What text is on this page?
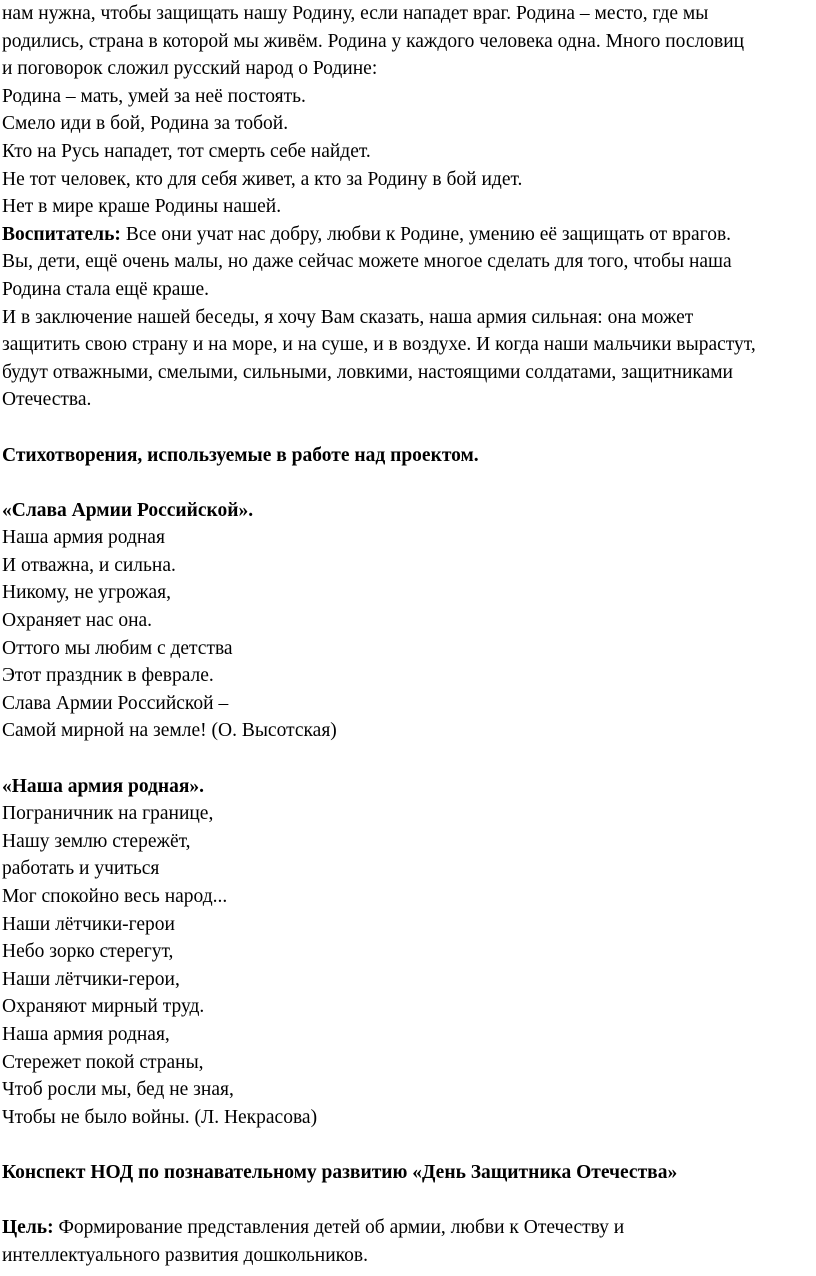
нам нужна, чтобы защищать нашу Родину, если нападет враг. Родина – место, где мы
родились, страна в которой мы живём. Родина у каждого человека одна. Много пословиц
и поговорок сложил русский народ о Родине:
Родина – мать, умей за неё постоять.
Смело иди в бой, Родина за тобой.
Кто на Русь нападет, тот смерть себе найдет.
Не тот человек, кто для себя живет, а кто за Родину в бой идет.
Нет в мире краше Родины нашей.
Воспитатель: Все они учат нас добру, любви к Родине, умению её защищать от врагов.
Вы, дети, ещё очень малы, но даже сейчас можете многое сделать для того, чтобы наша
Родина стала ещё краше.
И в заключение нашей беседы, я хочу Вам сказать, наша армия сильная: она может
защитить свою страну и на море, и на суше, и в воздухе. И когда наши мальчики вырастут,
будут отважными, смелыми, сильными, ловкими, настоящими солдатами, защитниками
Отечества.
Стихотворения, используемые в работе над проектом.
«Слава Армии Российской».
Наша армия родная
И отважна, и сильна.
Никому, не угрожая,
Охраняет нас она.
Оттого мы любим с детства
Этот праздник в феврале.
Слава Армии Российской –
Самой мирной на земле! (О. Высотская)
«Наша армия родная».
Пограничник на границе,
Нашу землю стережёт,
работать и учиться
Мог спокойно весь народ...
Наши лётчики-герои
Небо зорко стерегут,
Наши лётчики-герои,
Охраняют мирный труд.
Наша армия родная,
Стережет покой страны,
Чтоб росли мы, бед не зная,
Чтобы не было войны. (Л. Некрасова)
Конспект НОД по познавательному развитию «День Защитника Отечества»
Цель: Формирование представления детей об армии, любви к Отечеству и
интеллектуального развития дошкольников.
